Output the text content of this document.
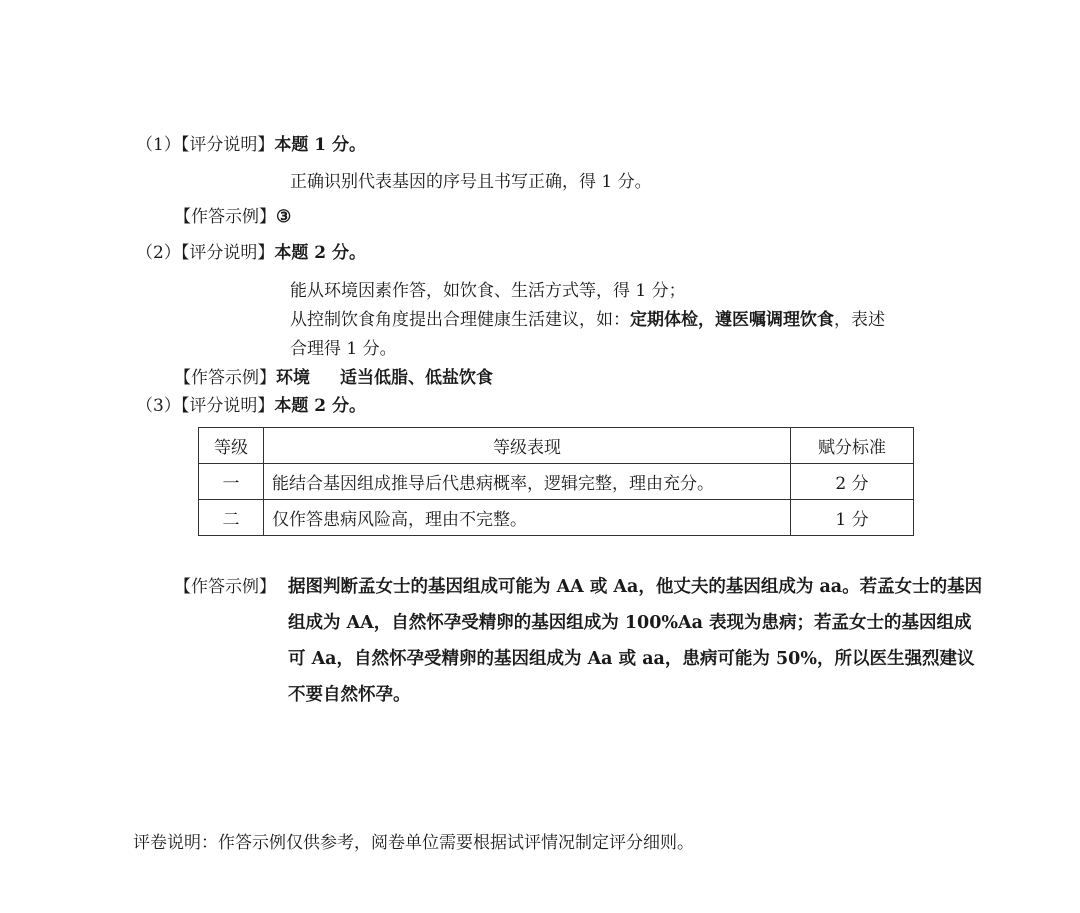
（1）【评分说明】本题 1 分。
正确识别代表基因的序号且书写正确，得 1 分。
【作答示例】③
（2）【评分说明】本题 2 分。
能从环境因素作答，如饮食、生活方式等，得 1 分；
从控制饮食角度提出合理健康生活建议，如：定期体检，遵医嘱调理饮食，表述
合理得 1 分。
【作答示例】环境 适当低脂、低盐饮食
（3）【评分说明】本题 2 分。
等级	等级表现	赋分标准
一	能结合基因组成推导后代患病概率，逻辑完整，理由充分。	2 分
二	仅作答患病风险高，理由不完整。	1 分
【作答示例】 据图判断孟女士的基因组成可能为 AA 或 Aa，他丈夫的基因组成为 aa。若孟女士的基因组成为 AA，自然怀孕受精卵的基因组成为 100%Aa 表现为患病；若孟女士的基因组成可 Aa，自然怀孕受精卵的基因组成为 Aa 或 aa，患病可能为 50%，所以医生强烈建议不要自然怀孕。
评卷说明：作答示例仅供参考，阅卷单位需要根据试评情况制定评分细则。
